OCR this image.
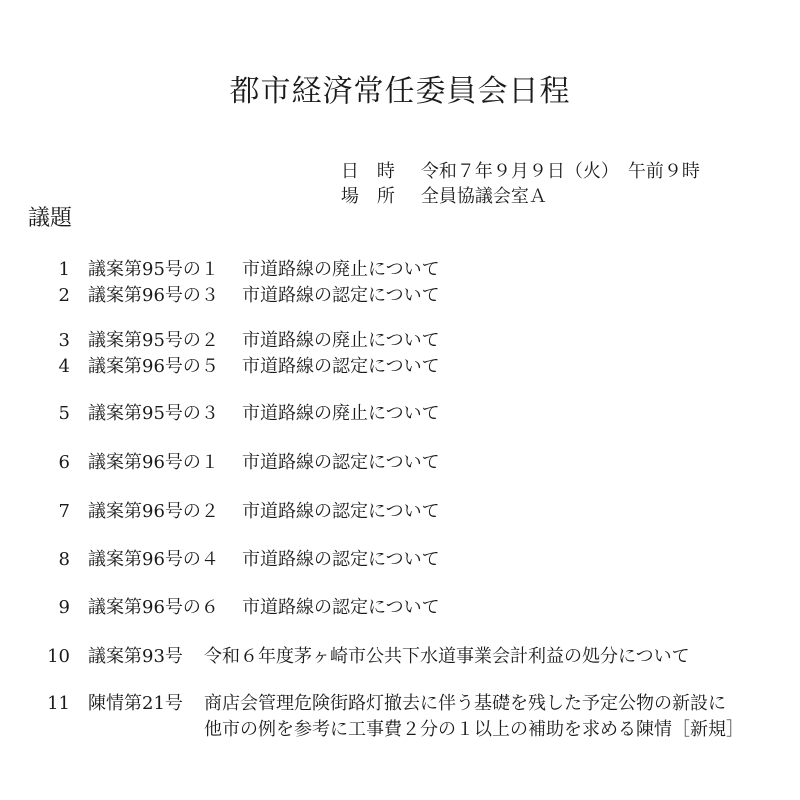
都市経済常任委員会日程

日　時 令和７年９月９日（火）　午前９時

場　所 全員協議会室Ａ

議題
1 議案第95号の１ 市道路線の廃止について
2 議案第96号の３ 市道路線の認定について
3 議案第95号の２ 市道路線の廃止について
4 議案第96号の５ 市道路線の認定について
5 議案第95号の３ 市道路線の廃止について
6 議案第96号の１ 市道路線の認定について
7 議案第96号の２ 市道路線の認定について
8 議案第96号の４ 市道路線の認定について
9 議案第96号の６ 市道路線の認定について
10 議案第93号 令和６年度茅ヶ崎市公共下水道事業会計利益の処分について
11 陳情第21号 商店会管理危険街路灯撤去に伴う基礎を残した予定公物の新設に
他市の例を参考に工事費２分の１以上の補助を求める陳情［新規］
